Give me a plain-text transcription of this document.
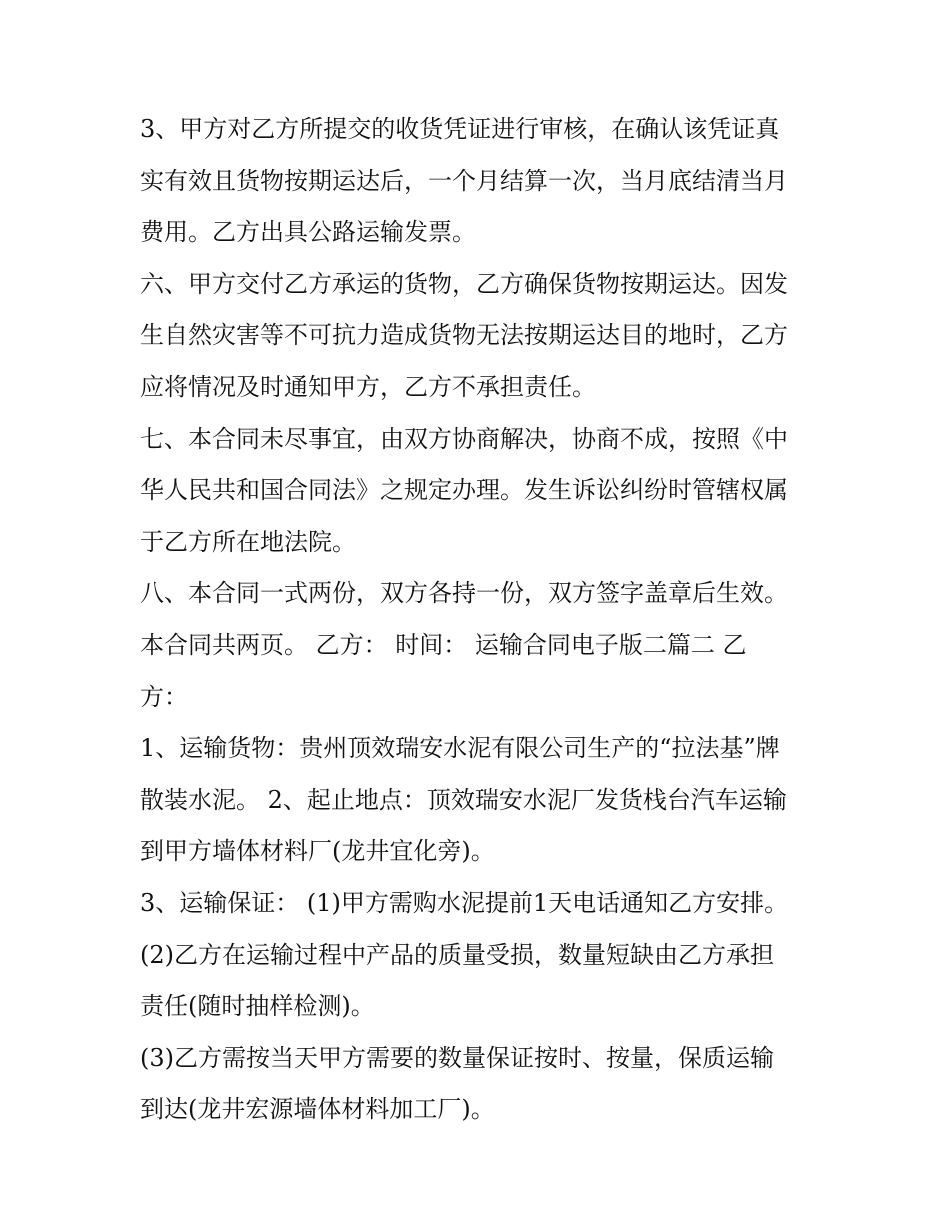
3、甲方对乙方所提交的收货凭证进行审核，在确认该凭证真
实有效且货物按期运达后，一个月结算一次，当月底结清当月
费用。乙方出具公路运输发票。
六、甲方交付乙方承运的货物，乙方确保货物按期运达。因发
生自然灾害等不可抗力造成货物无法按期运达目的地时，乙方
应将情况及时通知甲方，乙方不承担责任。
七、本合同未尽事宜，由双方协商解决，协商不成，按照《中
华人民共和国合同法》之规定办理。发生诉讼纠纷时管辖权属
于乙方所在地法院。
八、本合同一式两份，双方各持一份，双方签字盖章后生效。
本合同共两页。 乙方： 时间： 运输合同电子版二篇二 乙
方：
1、运输货物：贵州顶效瑞安水泥有限公司生产的“拉法基”牌
散装水泥。 2、起止地点：顶效瑞安水泥厂发货栈台汽车运输
到甲方墙体材料厂(龙井宜化旁)。
3、运输保证： (1)甲方需购水泥提前1天电话通知乙方安排。
(2)乙方在运输过程中产品的质量受损，数量短缺由乙方承担
责任(随时抽样检测)。
(3)乙方需按当天甲方需要的数量保证按时、按量，保质运输
到达(龙井宏源墙体材料加工厂)。
